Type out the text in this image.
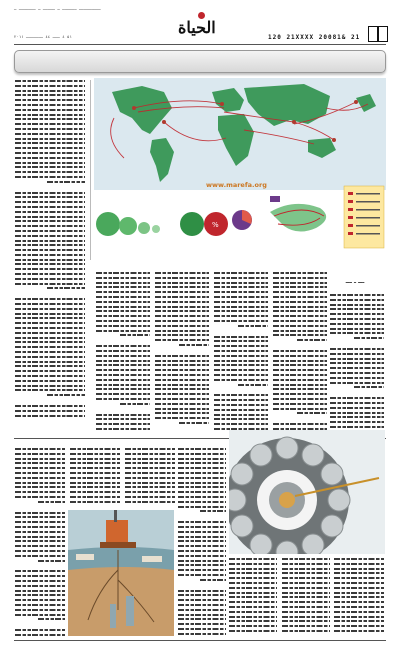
ـــــــــ ــــــ ـ ـــــ ـ ـــــــ ـ
٥١ ٤ ـــ ٤٤ ـــــــ ٢٠١١	الحياة
120 21XXXX 20081& 21
%
www.marefa.org
ـــ ـ ـــ
